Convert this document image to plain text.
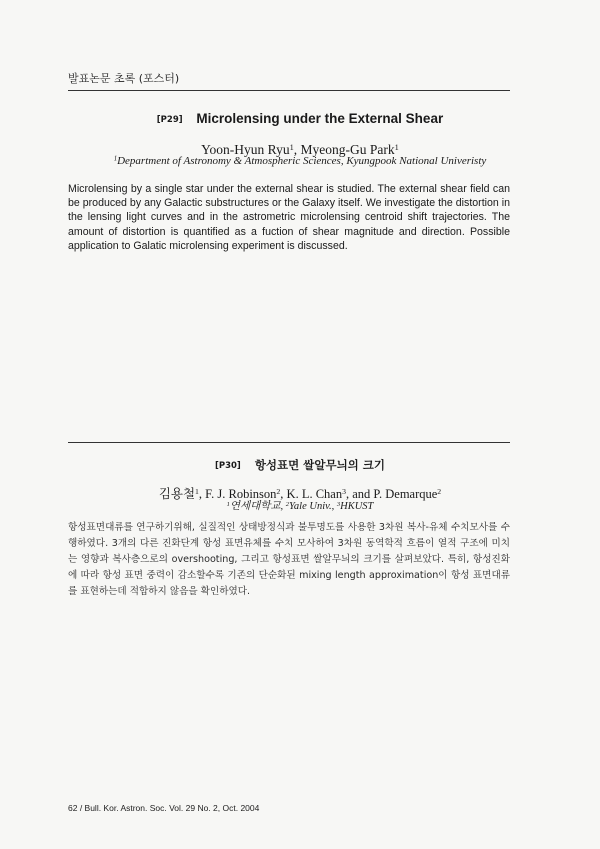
발표논문 초록 (포스터)
[P29] Microlensing under the External Shear
Yoon-Hyun Ryu$^1$, Myeong-Gu Park$^1$
$^1$Department of Astronomy & Atmospheric Sciences, Kyungpook National Univeristy
Microlensing by a single star under the external shear is studied. The external shear field can be produced by any Galactic substructures or the Galaxy itself. We investigate the distortion in the lensing light curves and in the astrometric microlensing centroid shift trajectories. The amount of distortion is quantified as a fuction of shear magnitude and direction. Possible application to Galatic microlensing experiment is discussed.
[P30] 항성표면 쌀알무늬의 크기
김용철$^1$, F. J. Robinson$^2$, K. L. Chan$^3$, and P. Demarque$^2$
$^1$연세대학교, $^2$Yale Univ., $^3$HKUST
항성표면대류를 연구하기위해, 실질적인 상태방정식과 불투명도를 사용한 3차원 복사-유체 수치모사를 수행하였다. 3개의 다른 진화단계 항성 표면유체를 수치 모사하여 3차원 동역학적 흐름이 열적 구조에 미치는 영향과 복사층으로의 overshooting, 그리고 항성표면 쌀알무늬의 크기를 살펴보았다. 특히, 항성진화에 따라 항성 표면 중력이 감소할수록 기존의 단순화된 mixing length approximation이 항성 표면대류를 표현하는데 적합하지 않음을 확인하였다.
62 / Bull. Kor. Astron. Soc. Vol. 29 No. 2, Oct. 2004
